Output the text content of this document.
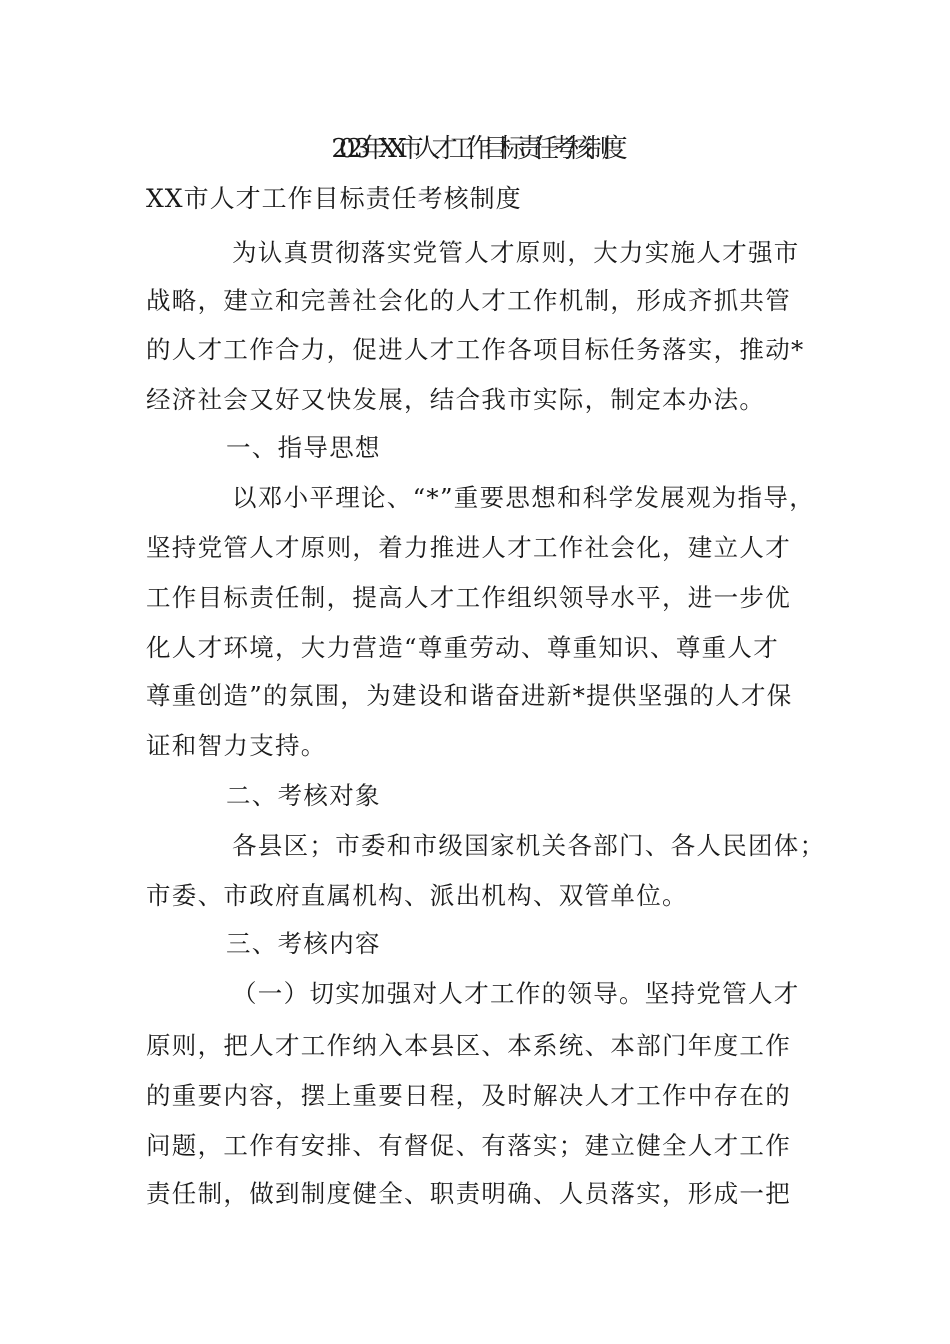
2023年XX市人才工作目标责任考核制度
XX市人才工作目标责任考核制度
为认真贯彻落实党管人才原则，大力实施人才强市
战略，建立和完善社会化的人才工作机制，形成齐抓共管
的人才工作合力，促进人才工作各项目标任务落实，推动*
经济社会又好又快发展，结合我市实际，制定本办法。
一、指导思想
以邓小平理论、“*”重要思想和科学发展观为指导，
坚持党管人才原则，着力推进人才工作社会化，建立人才
工作目标责任制，提高人才工作组织领导水平，进一步优
化人才环境，大力营造“尊重劳动、尊重知识、尊重人才
尊重创造”的氛围，为建设和谐奋进新*提供坚强的人才保
证和智力支持。
二、考核对象
各县区；市委和市级国家机关各部门、各人民团体；
市委、市政府直属机构、派出机构、双管单位。
三、考核内容
（一）切实加强对人才工作的领导。坚持党管人才
原则，把人才工作纳入本县区、本系统、本部门年度工作
的重要内容，摆上重要日程，及时解决人才工作中存在的
问题，工作有安排、有督促、有落实；建立健全人才工作
责任制，做到制度健全、职责明确、人员落实，形成一把
